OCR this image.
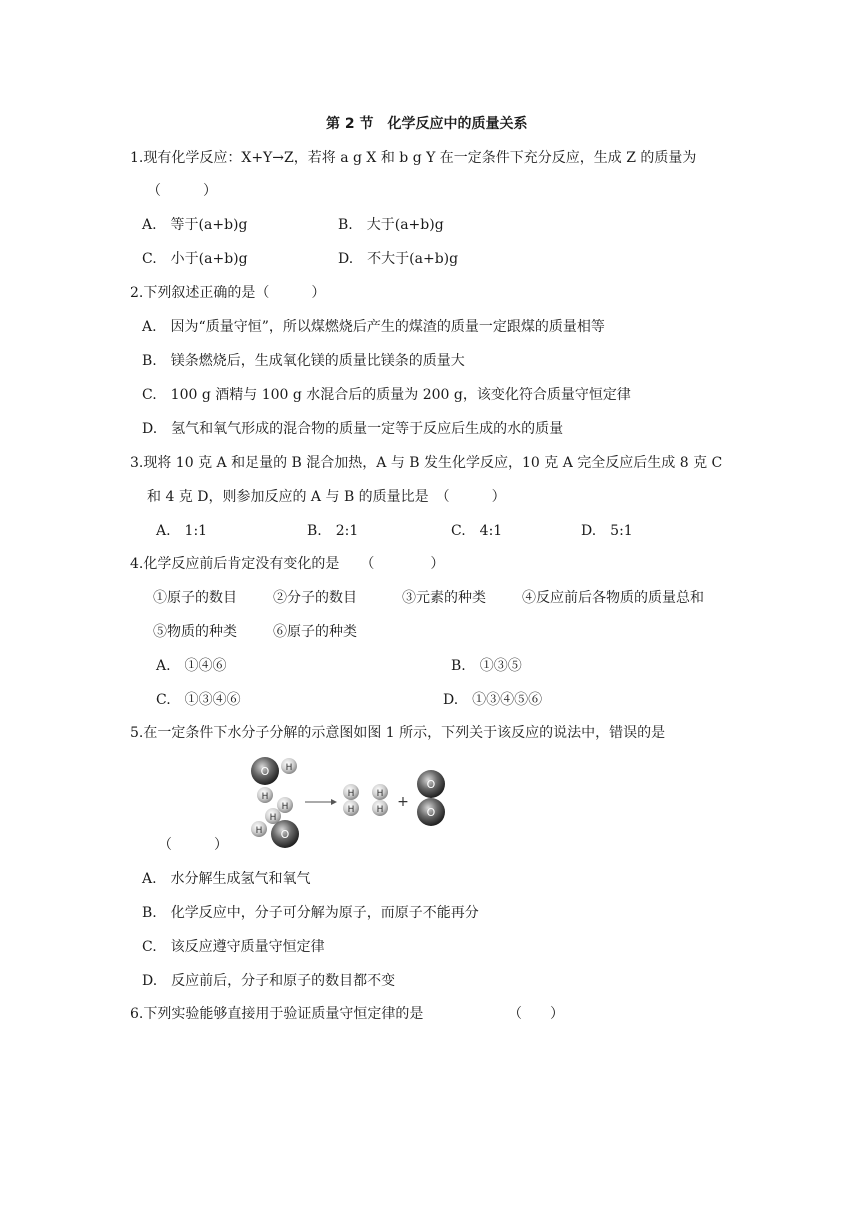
第 2 节　化学反应中的质量关系
1.现有化学反应：X+Y→Z，若将 a g X 和 b g Y 在一定条件下充分反应，生成 Z 的质量为
（　　　）
A.　等于(a+b)g	B.　大于(a+b)g
C.　小于(a+b)g	D.　不大于(a+b)g
2.下列叙述正确的是（　　　）
A.　因为“质量守恒”，所以煤燃烧后产生的煤渣的质量一定跟煤的质量相等
B.　镁条燃烧后，生成氧化镁的质量比镁条的质量大
C.　100 g 酒精与 100 g 水混合后的质量为 200 g，该变化符合质量守恒定律
D.　氢气和氧气形成的混合物的质量一定等于反应后生成的水的质量
3.现将 10 克 A 和足量的 B 混合加热，A 与 B 发生化学反应，10 克 A 完全反应后生成 8 克 C
和 4 克 D，则参加反应的 A 与 B 的质量比是　（　　　）
A.　1:1	B.　2:1	C.　4:1	D.　5:1
4.化学反应前后肯定没有变化的是　　（　　　　）
①原子的数目	②分子的数目	③元素的种类	④反应前后各物质的质量总和
⑤物质的种类	⑥原子的种类
A.　①④⑥	B.　①③⑤
C.　①③④⑥	D.　①③④⑤⑥
5.在一定条件下水分子分解的示意图如图 1 所示，下列关于该反应的说法中，错误的是
O H
H
H
H
H O
H
H
H
H +
O
O
（　　　）
A.　水分解生成氢气和氧气
B.　化学反应中，分子可分解为原子，而原子不能再分
C.　该反应遵守质量守恒定律
D.　反应前后，分子和原子的数目都不变
6.下列实验能够直接用于验证质量守恒定律的是	（　　）
